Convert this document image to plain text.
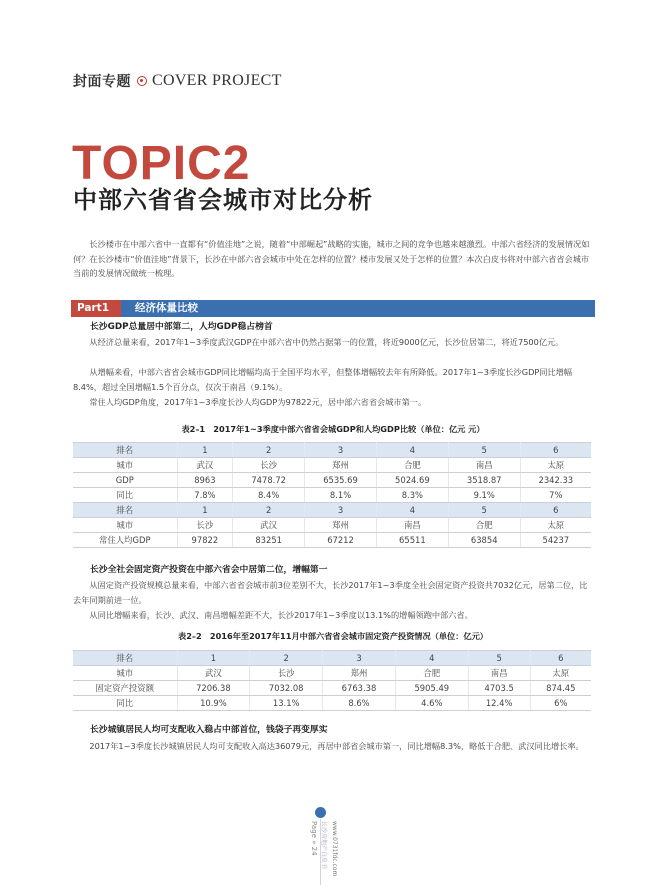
封面专题 COVER PROJECT
TOPIC2
中部六省省会城市对比分析

长沙楼市在中部六省中一直都有“价值洼地”之说，随着“中部崛起”战略的实施，城市之间的竞争也越来越激烈。中部六省经济的发展情况如何？在长沙楼市“价值洼地”背景下，长沙在中部六省会城市中处在怎样的位置？楼市发展又处于怎样的位置？本次白皮书将对中部六省省会城市当前的发展情况做统一梳理。

Part1	经济体量比较
长沙GDP总量居中部第二，人均GDP稳占榜首

从经济总量来看，2017年1~3季度武汉GDP在中部六省中仍然占据第一的位置，将近9000亿元，长沙位居第二，将近7500亿元。

从增幅来看，中部六省省会城市GDP同比增幅均高于全国平均水平，但整体增幅较去年有所降低。2017年1~3季度长沙GDP同比增幅8.4%，超过全国增幅1.5个百分点，仅次于南昌（9.1%）。

常住人均GDP角度，2017年1~3季度长沙人均GDP为97822元，居中部六省省会城市第一。

表2–1　2017年1~3季度中部六省省会城GDP和人均GDP比较（单位：亿元 元）
排名	1	2	3	4	5	6
城市	武汉	长沙	郑州	合肥	南昌	太原
GDP	8963	7478.72	6535.69	5024.69	3518.87	2342.33
同比	7.8%	8.4%	8.1%	8.3%	9.1%	7%
排名	1	2	3	4	5	6
城市	长沙	武汉	郑州	南昌	合肥	太原
常住人均GDP	97822	83251	67212	65511	63854	54237
长沙全社会固定资产投资在中部六省会中居第二位，增幅第一

从固定资产投资规模总量来看，中部六省省会城市前3位差别不大，长沙2017年1~3季度全社会固定资产投资共7032亿元，居第二位，比去年同期前进一位。

从同比增幅来看，长沙、武汉、南昌增幅差距不大，长沙2017年1~3季度以13.1%的增幅领跑中部六省。

表2–2　2016年至2017年11月中部六省省会城市固定资产投资情况（单位：亿元）
排名	1	2	3	4	5	6
城市	武汉	长沙	郑州	合肥	南昌	太原
固定资产投资额	7206.38	7032.08	6763.38	5905.49	4703.5	874.45
同比	10.9%	13.1%	8.6%	4.6%	12.4%	6%
长沙城镇居民人均可支配收入稳占中部首位，钱袋子再变厚实

2017年1~3季度长沙城镇居民人均可支配收入高达36079元，再居中部省会城市第一，同比增幅8.3%，略低于合肥、武汉同比增长率。

Page » 24 长沙房地产白皮书 www.0731fdc.com
